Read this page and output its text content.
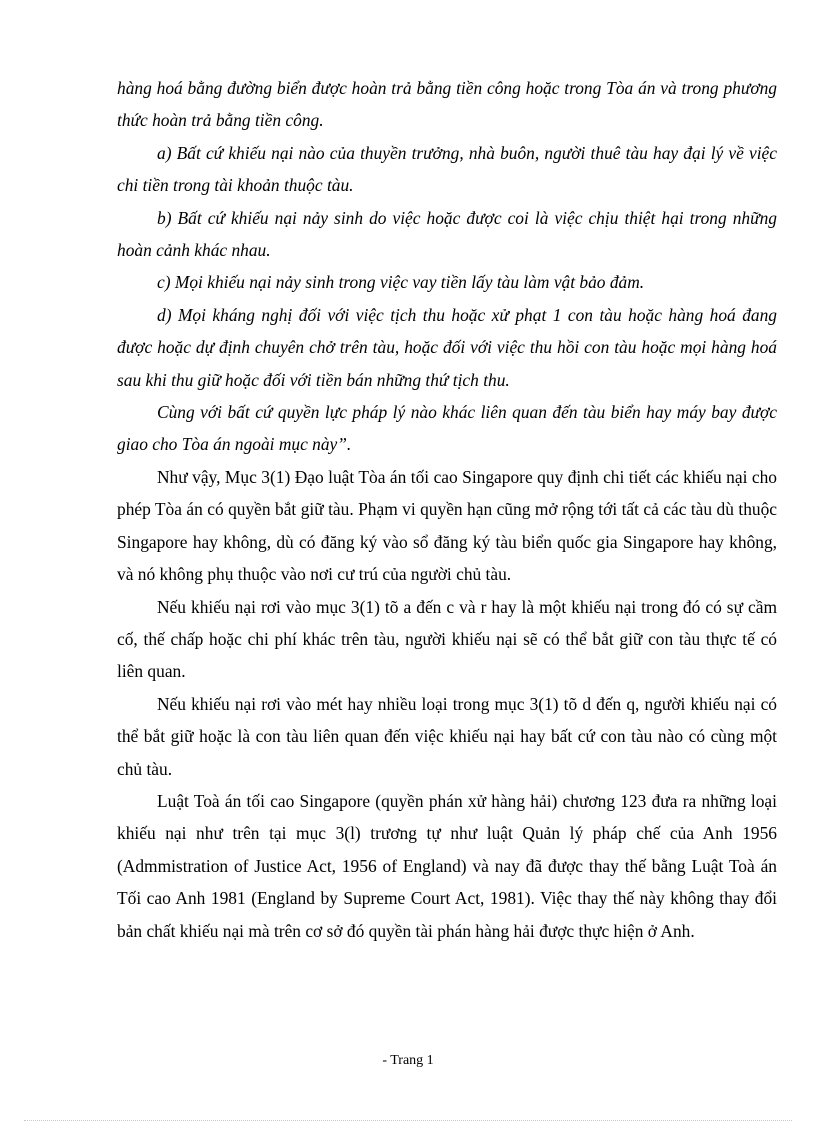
hàng hoá bằng đường biển được hoàn trả bằng tiền công hoặc trong Tòa án và trong phương thức hoàn trả bằng tiền công.

a) Bất cứ khiếu nại nào của thuyền trưởng, nhà buôn, người thuê tàu hay đại lý về việc chi tiền trong tài khoản thuộc tàu.

b) Bất cứ khiếu nại nảy sinh do việc hoặc được coi là việc chịu thiệt hại trong những hoàn cảnh khác nhau.

c) Mọi khiếu nại nảy sinh trong việc vay tiền lấy tàu làm vật bảo đảm.

d) Mọi kháng nghị đối với việc tịch thu hoặc xử phạt 1 con tàu hoặc hàng hoá đang được hoặc dự định chuyên chở trên tàu, hoặc đối với việc thu hồi con tàu hoặc mọi hàng hoá sau khi thu giữ hoặc đối với tiền bán những thứ tịch thu.

Cùng với bất cứ quyền lực pháp lý nào khác liên quan đến tàu biển hay máy bay được giao cho Tòa án ngoài mục này”.

Như vậy, Mục 3(1) Đạo luật Tòa án tối cao Singapore quy định chi tiết các khiếu nại cho phép Tòa án có quyền bắt giữ tàu. Phạm vi quyền hạn cũng mở rộng tới tất cả các tàu dù thuộc Singapore hay không, dù có đăng ký vào sổ đăng ký tàu biển quốc gia Singapore hay không, và nó không phụ thuộc vào nơi cư trú của người chủ tàu.

Nếu khiếu nại rơi vào mục 3(1) tõ a đến c và r hay là một khiếu nại trong đó có sự cầm cố, thế chấp hoặc chi phí khác trên tàu, người khiếu nại sẽ có thể bắt giữ con tàu thực tế có liên quan.

Nếu khiếu nại rơi vào mét hay nhiều loại trong mục 3(1) tõ d đến q, người khiếu nại có thể bắt giữ hoặc là con tàu liên quan đến việc khiếu nại hay bất cứ con tàu nào có cùng một chủ tàu.

Luật Toà án tối cao Singapore (quyền phán xử hàng hải) chương 123 đưa ra những loại khiếu nại như trên tại mục 3(l) trương tự như luật Quản lý pháp chế của Anh 1956 (Admmistration of Justice Act, 1956 of England) và nay đã được thay thế bằng Luật Toà án Tối cao Anh 1981 (England by Supreme Court Act, 1981). Việc thay thế này không thay đổi bản chất khiếu nại mà trên cơ sở đó quyền tài phán hàng hải được thực hiện ở Anh.

- Trang 1
